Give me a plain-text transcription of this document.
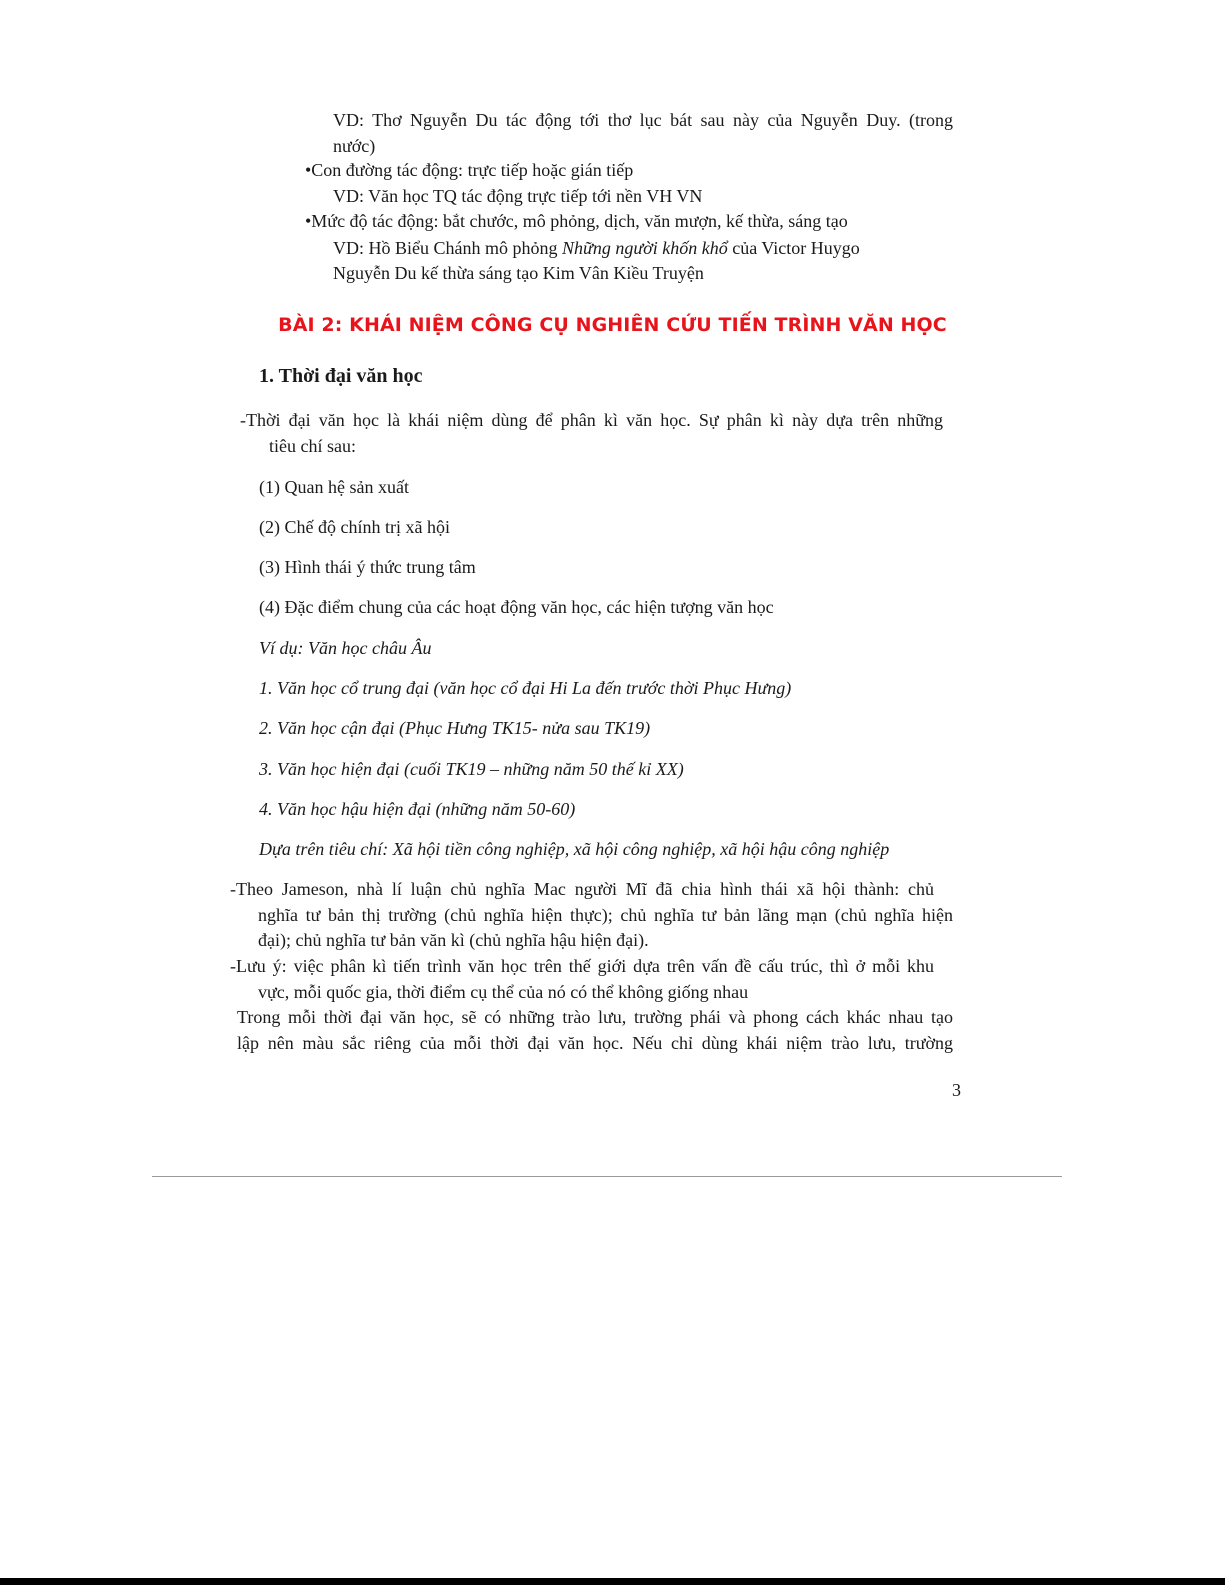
VD: Thơ Nguyễn Du tác động tới thơ lục bát sau này của Nguyễn Duy. (trong
nước)
•Con đường tác động: trực tiếp hoặc gián tiếp
VD: Văn học TQ tác động trực tiếp tới nền VH VN
•Mức độ tác động: bắt chước, mô phỏng, dịch, văn mượn, kế thừa, sáng tạo
VD: Hồ Biểu Chánh mô phỏng Những người khốn khổ của Victor Huygo
Nguyễn Du kế thừa sáng tạo Kim Vân Kiều Truyện
BÀI 2: KHÁI NIỆM CÔNG CỤ NGHIÊN CỨU TIẾN TRÌNH VĂN HỌC
1. Thời đại văn học
-Thời đại văn học là khái niệm dùng để phân kì văn học. Sự phân kì này dựa trên những
tiêu chí sau:
(1) Quan hệ sản xuất
(2) Chế độ chính trị xã hội
(3) Hình thái ý thức trung tâm
(4) Đặc điểm chung của các hoạt động văn học, các hiện tượng văn học
Ví dụ: Văn học châu Âu
1. Văn học cổ trung đại (văn học cổ đại Hi La đến trước thời Phục Hưng)
2. Văn học cận đại (Phục Hưng TK15- nửa sau TK19)
3. Văn học hiện đại (cuối TK19 – những năm 50 thế kỉ XX)
4. Văn học hậu hiện đại (những năm 50-60)
Dựa trên tiêu chí: Xã hội tiền công nghiệp, xã hội công nghiệp, xã hội hậu công nghiệp
-Theo Jameson, nhà lí luận chủ nghĩa Mac người Mĩ đã chia hình thái xã hội thành: chủ
nghĩa tư bản thị trường (chủ nghĩa hiện thực); chủ nghĩa tư bản lãng mạn (chủ nghĩa hiện
đại); chủ nghĩa tư bản văn kì (chủ nghĩa hậu hiện đại).
-Lưu ý: việc phân kì tiến trình văn học trên thế giới dựa trên vấn đề cấu trúc, thì ở mỗi khu
vực, mỗi quốc gia, thời điểm cụ thể của nó có thể không giống nhau
Trong mỗi thời đại văn học, sẽ có những trào lưu, trường phái và phong cách khác nhau tạo
lập nên màu sắc riêng của mỗi thời đại văn học. Nếu chỉ dùng khái niệm trào lưu, trường
3
